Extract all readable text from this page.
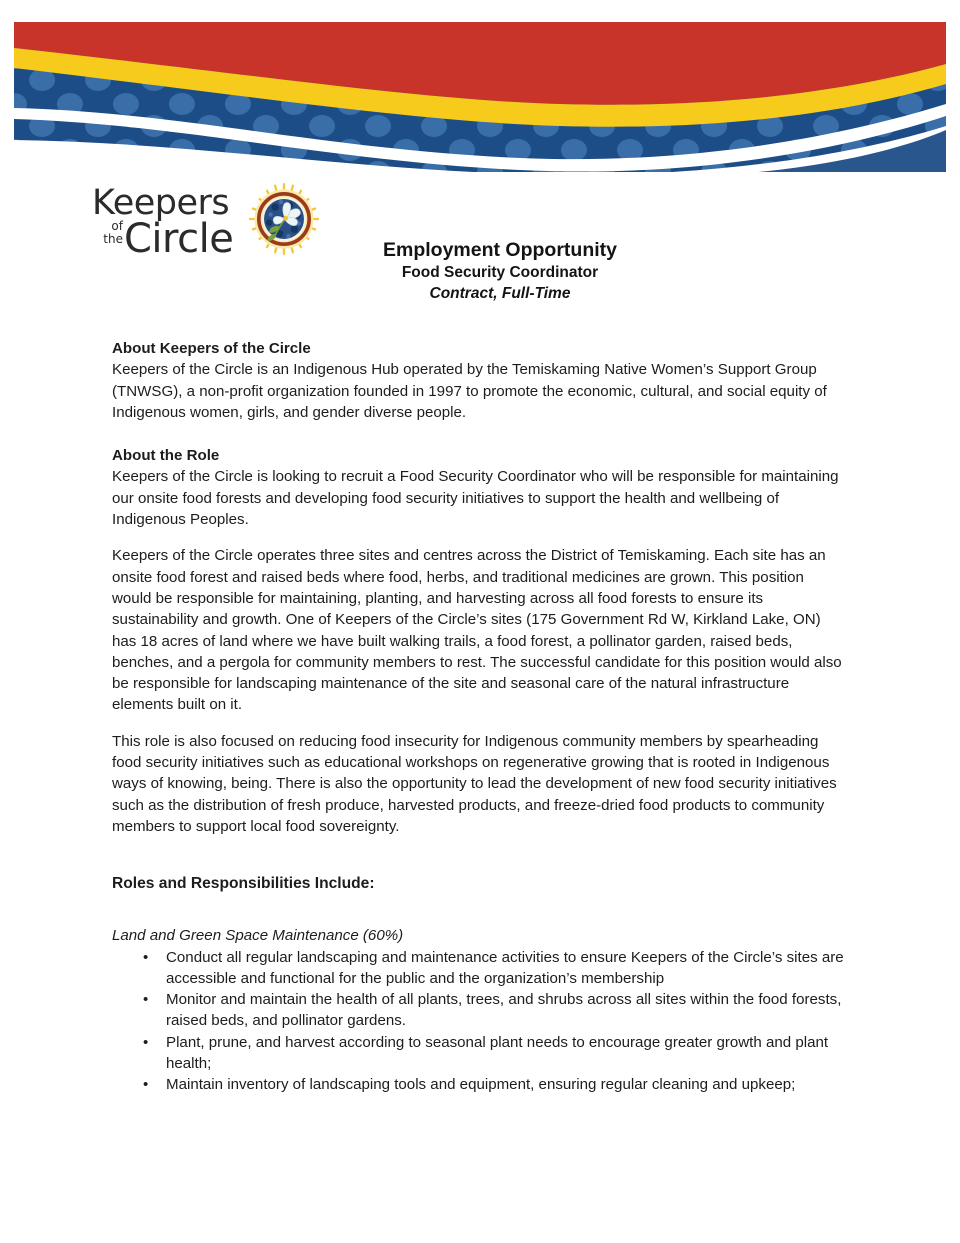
Keepers
of
the Circle	Employment Opportunity
Food Security Coordinator
Contract, Full-Time
About Keepers of the Circle

Keepers of the Circle is an Indigenous Hub operated by the Temiskaming Native Women’s Support Group (TNWSG), a non-profit organization founded in 1997 to promote the economic, cultural, and social equity of Indigenous women, girls, and gender diverse people.

About the Role

Keepers of the Circle is looking to recruit a Food Security Coordinator who will be responsible for maintaining our onsite food forests and developing food security initiatives to support the health and wellbeing of Indigenous Peoples.

Keepers of the Circle operates three sites and centres across the District of Temiskaming. Each site has an onsite food forest and raised beds where food, herbs, and traditional medicines are grown. This position would be responsible for maintaining, planting, and harvesting across all food forests to ensure its sustainability and growth. One of Keepers of the Circle’s sites (175 Government Rd W, Kirkland Lake, ON) has 18 acres of land where we have built walking trails, a food forest, a pollinator garden, raised beds, benches, and a pergola for community members to rest. The successful candidate for this position would also be responsible for landscaping maintenance of the site and seasonal care of the natural infrastructure elements built on it.

This role is also focused on reducing food insecurity for Indigenous community members by spearheading food security initiatives such as educational workshops on regenerative growing that is rooted in Indigenous ways of knowing, being. There is also the opportunity to lead the development of new food security initiatives such as the distribution of fresh produce, harvested products, and freeze-dried food products to community members to support local food sovereignty.

Roles and Responsibilities Include:
Land and Green Space Maintenance (60%)
• Conduct all regular landscaping and maintenance activities to ensure Keepers of the Circle’s sites are accessible and functional for the public and the organization’s membership
• Monitor and maintain the health of all plants, trees, and shrubs across all sites within the food forests, raised beds, and pollinator gardens.
• Plant, prune, and harvest according to seasonal plant needs to encourage greater growth and plant health;
• Maintain inventory of landscaping tools and equipment, ensuring regular cleaning and upkeep;
